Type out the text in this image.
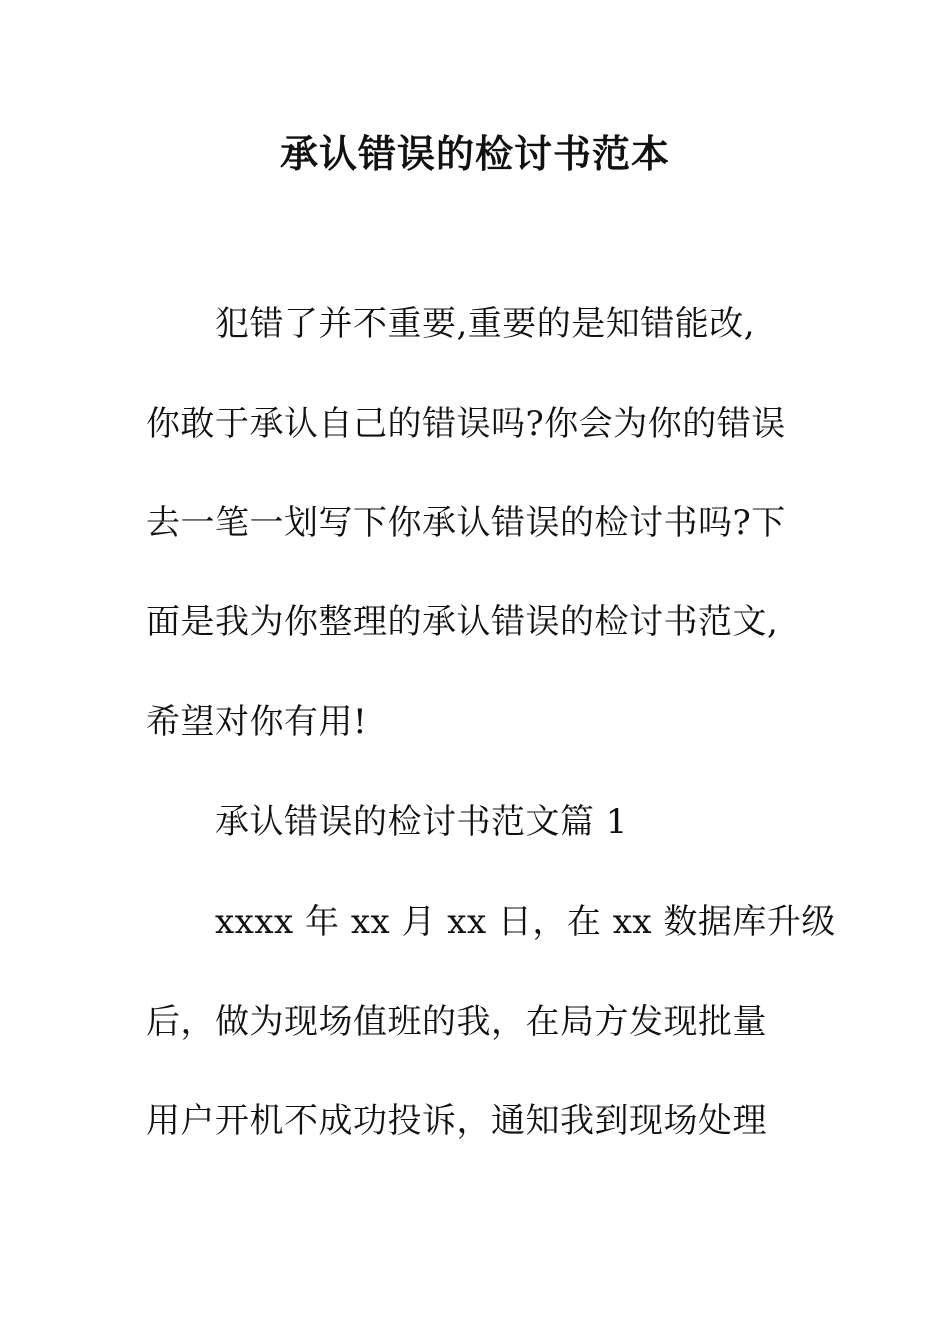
承认错误的检讨书范本
犯错了并不重要,重要的是知错能改,
你敢于承认自己的错误吗?你会为你的错误
去一笔一划写下你承认错误的检讨书吗?下
面是我为你整理的承认错误的检讨书范文,
希望对你有用!
承认错误的检讨书范文篇 1
xxxx 年 xx 月 xx 日，在 xx 数据库升级
后，做为现场值班的我，在局方发现批量
用户开机不成功投诉，通知我到现场处理
